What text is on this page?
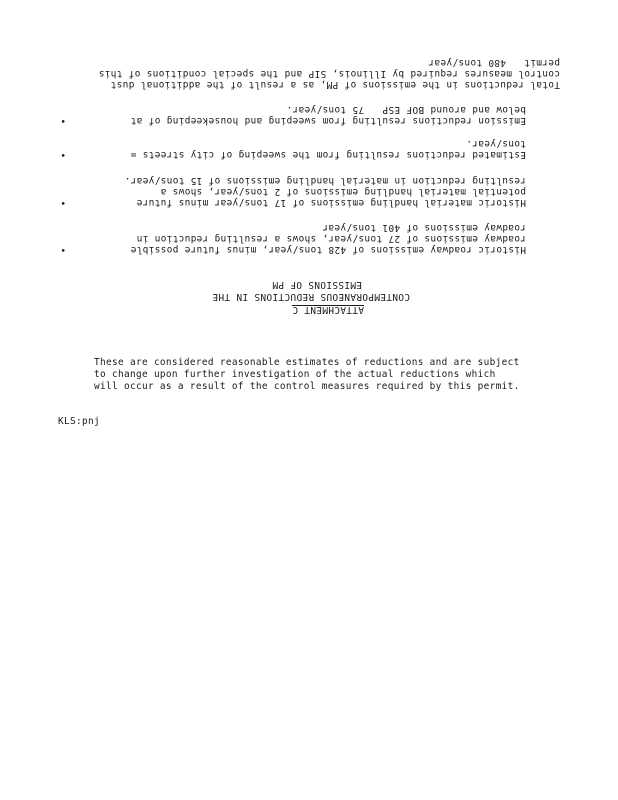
ATTACHMENT C
CONTEMPORANEOUS REDUCTIONS IN THE
EMISSIONS OF PM
•	Historic roadway emissions of 428 tons/year, minus future possible
roadway emissions of 27 tons/year, shows a resulting reduction in
roadway emissions of 401 tons/year
•	Historic material handling emissions of 17 tons/year minus future
potential material handling emissions of 2 tons/year, shows a
resulting reduction in material handling emissions of 15 tons/year.
•	Estimated reductions resulting from the sweeping of city streets =
tons/year.
•	Emission reductions resulting from sweeping and housekeeping of at
below and around BOF ESP   75 tons/year.
Total reductions in the emissions of PM, as a result of the additional dust
control measures required by Illinois, SIP and the special conditions of this
permit   480 tons/year
These are considered reasonable estimates of reductions and are subject
to change upon further investigation of the actual reductions which
will occur as a result of the control measures required by this permit.
KLS:pnj
